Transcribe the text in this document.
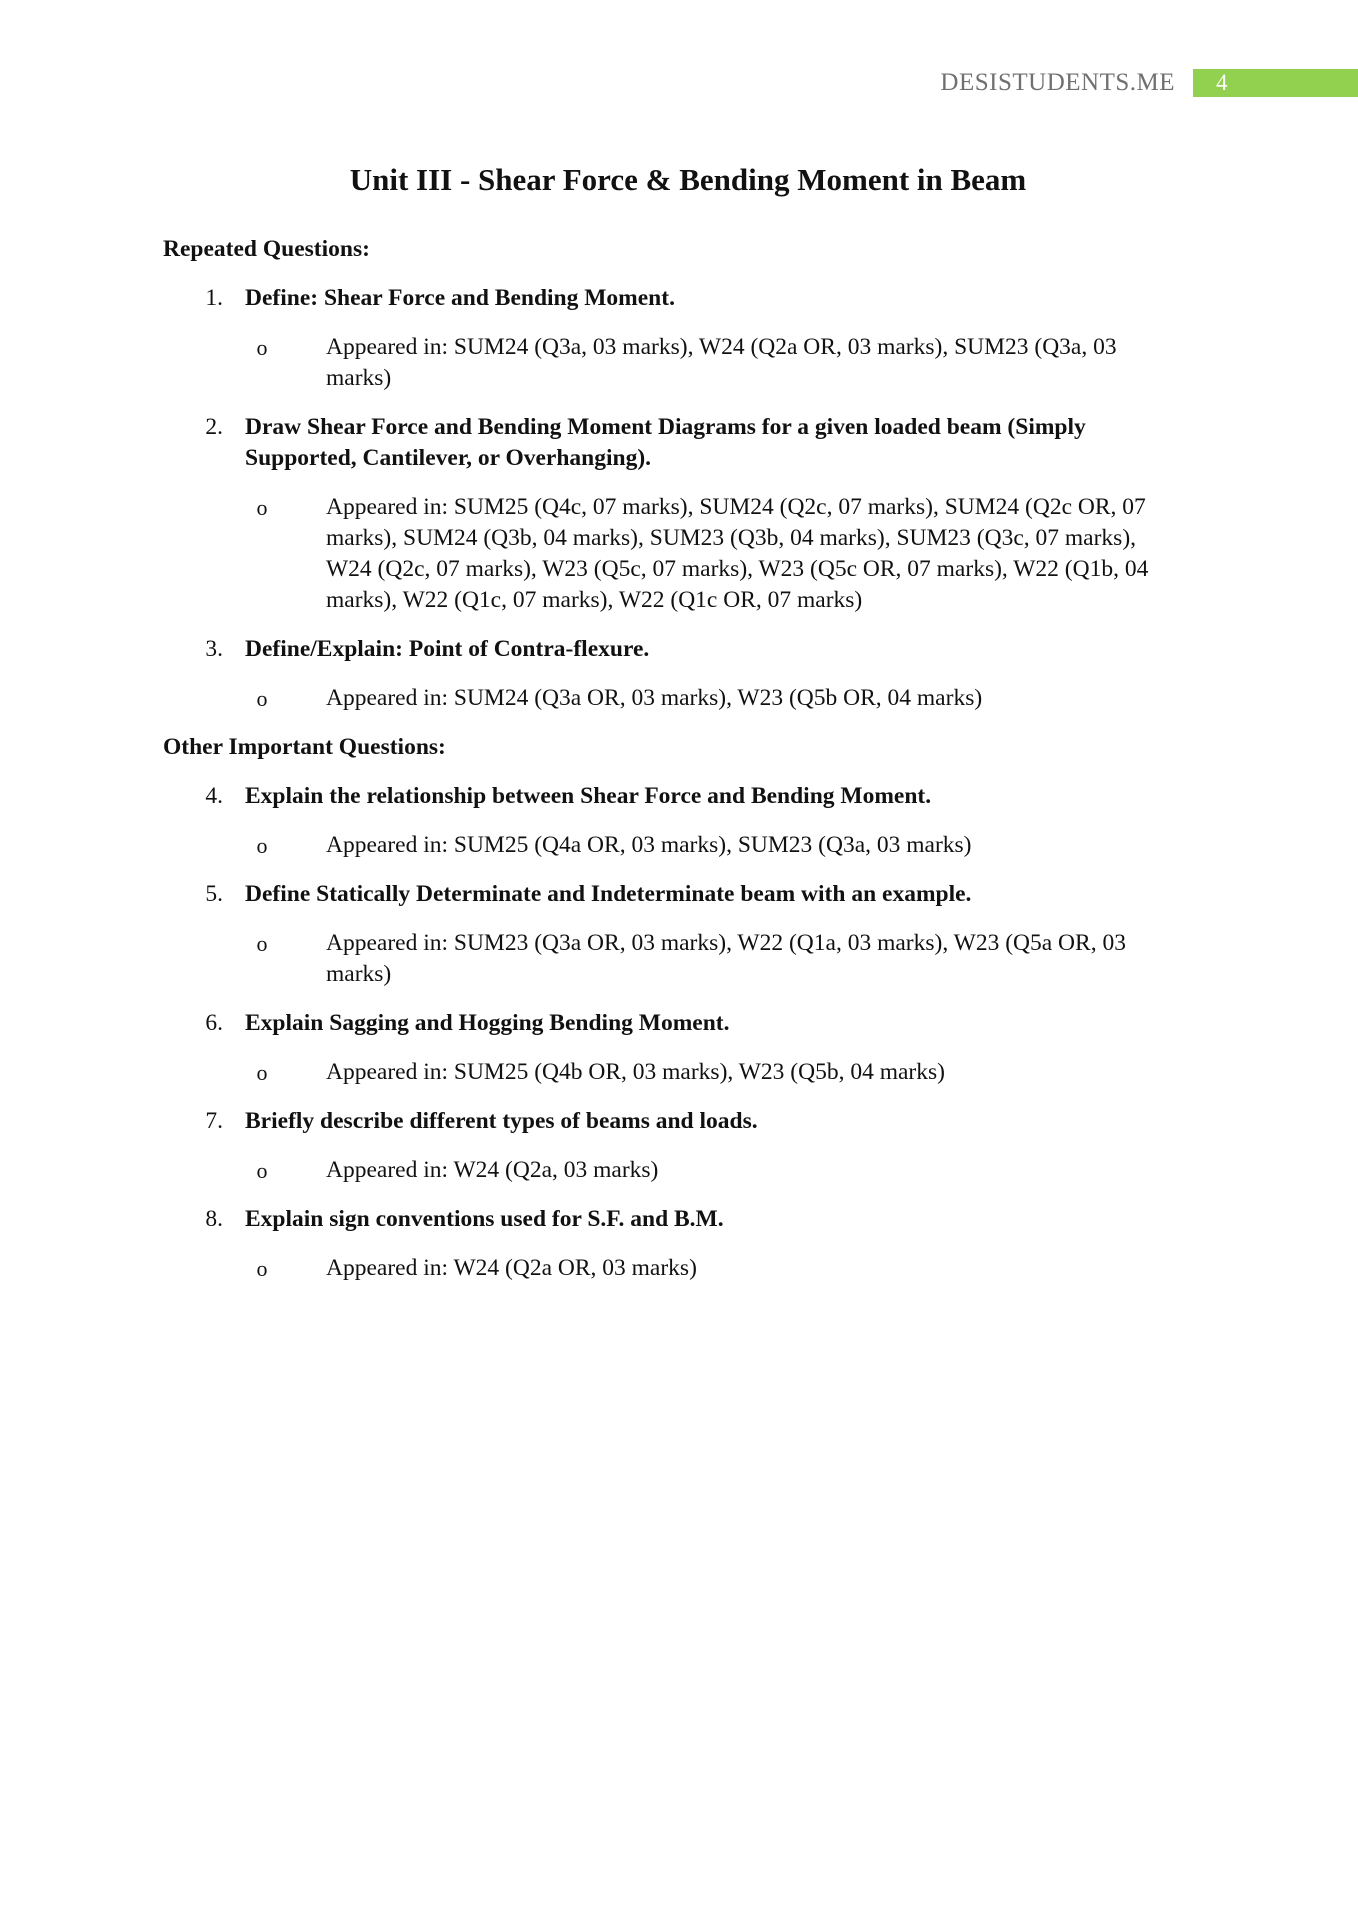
DESISTUDENTS.ME	4
Unit III - Shear Force & Bending Moment in Beam
Repeated Questions:
1. Define: Shear Force and Bending Moment.
o	Appeared in: SUM24 (Q3a, 03 marks), W24 (Q2a OR, 03 marks), SUM23 (Q3a, 03 marks)
2. Draw Shear Force and Bending Moment Diagrams for a given loaded beam (Simply Supported, Cantilever, or Overhanging).
o	Appeared in: SUM25 (Q4c, 07 marks), SUM24 (Q2c, 07 marks), SUM24 (Q2c OR, 07 marks), SUM24 (Q3b, 04 marks), SUM23 (Q3b, 04 marks), SUM23 (Q3c, 07 marks), W24 (Q2c, 07 marks), W23 (Q5c, 07 marks), W23 (Q5c OR, 07 marks), W22 (Q1b, 04 marks), W22 (Q1c, 07 marks), W22 (Q1c OR, 07 marks)
3. Define/Explain: Point of Contra-flexure.
o	Appeared in: SUM24 (Q3a OR, 03 marks), W23 (Q5b OR, 04 marks)
Other Important Questions:
4. Explain the relationship between Shear Force and Bending Moment.
o	Appeared in: SUM25 (Q4a OR, 03 marks), SUM23 (Q3a, 03 marks)
5. Define Statically Determinate and Indeterminate beam with an example.
o	Appeared in: SUM23 (Q3a OR, 03 marks), W22 (Q1a, 03 marks), W23 (Q5a OR, 03 marks)
6. Explain Sagging and Hogging Bending Moment.
o	Appeared in: SUM25 (Q4b OR, 03 marks), W23 (Q5b, 04 marks)
7. Briefly describe different types of beams and loads.
o	Appeared in: W24 (Q2a, 03 marks)
8. Explain sign conventions used for S.F. and B.M.
o	Appeared in: W24 (Q2a OR, 03 marks)
